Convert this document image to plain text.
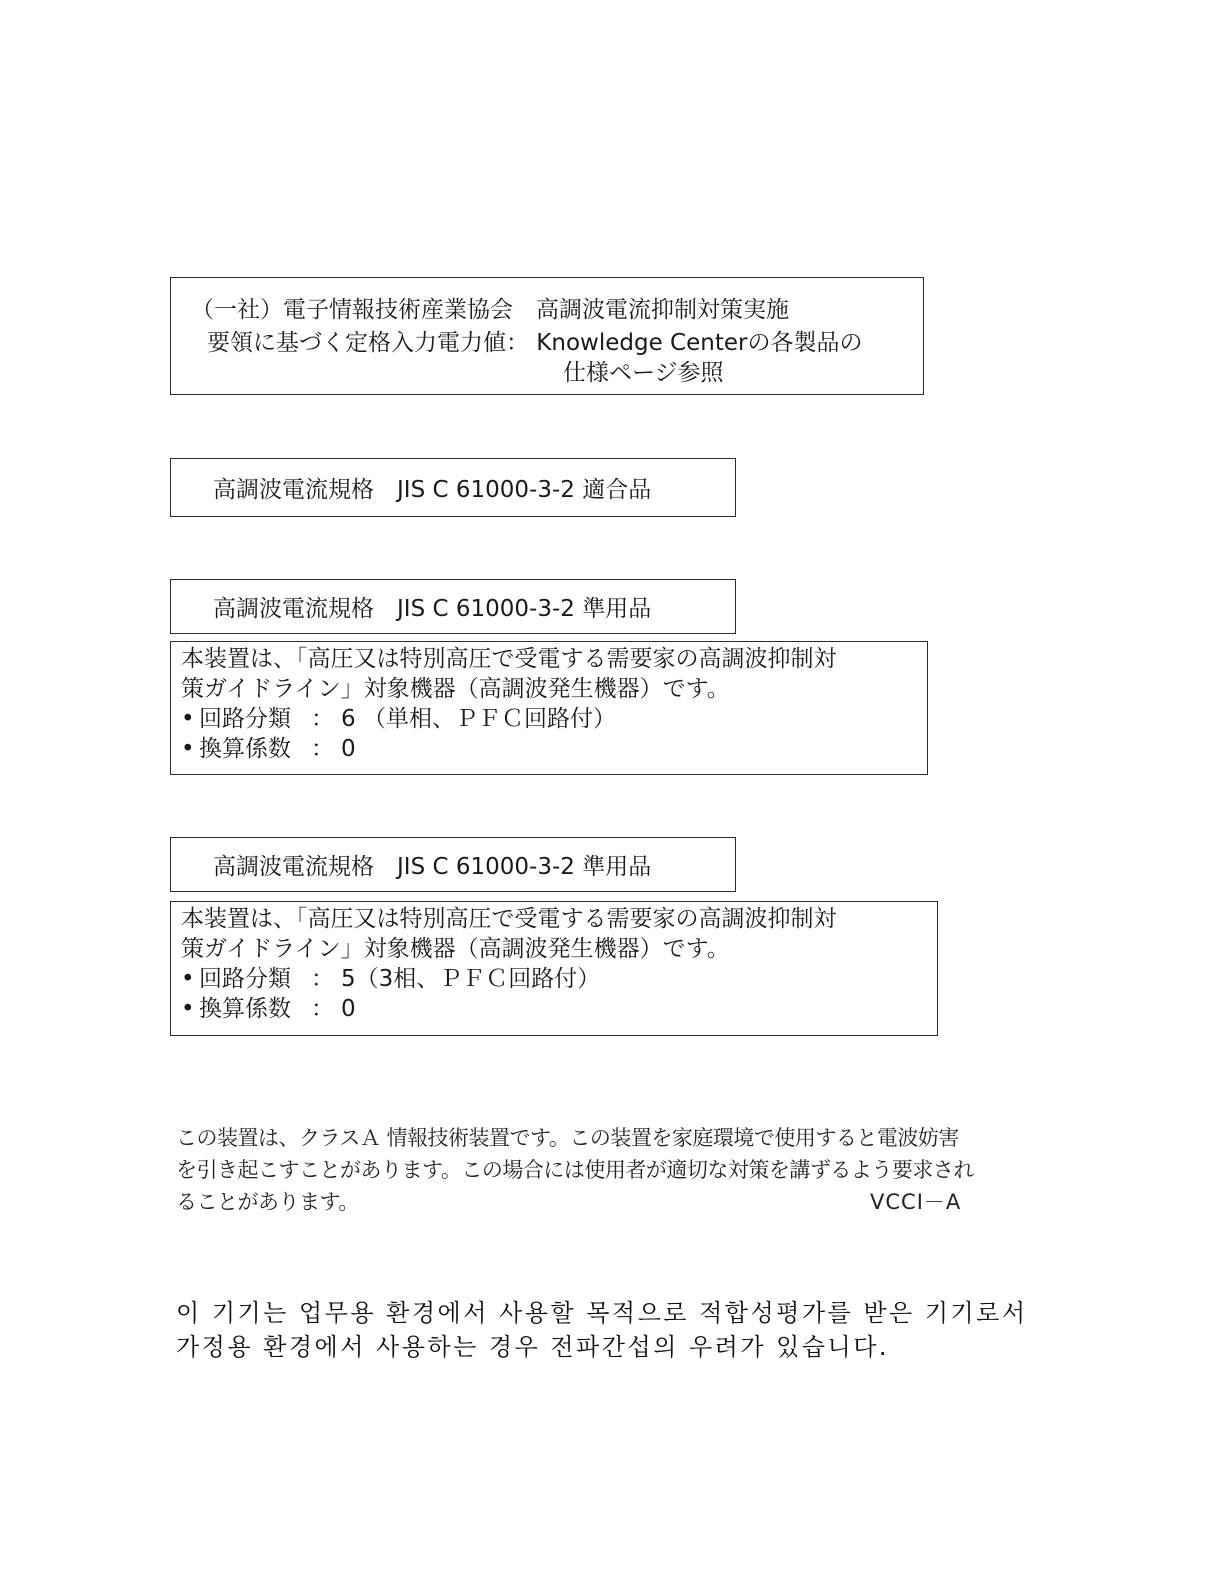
（一社）電子情報技術産業協会　高調波電流抑制対策実施
要領に基づく定格入力電力値： Knowledge Centerの各製品の
仕様ページ参照
高調波電流規格　JIS C 61000-3-2 適合品
高調波電流規格　JIS C 61000-3-2 準用品
本装置は、「高圧又は特別高圧で受電する需要家の高調波抑制対
策ガイドライン」対象機器（高調波発生機器）です。
• 回路分類 ： 6 （単相、ＰＦＣ回路付）
• 換算係数 ： 0
高調波電流規格　JIS C 61000-3-2 準用品
本装置は、「高圧又は特別高圧で受電する需要家の高調波抑制対
策ガイドライン」対象機器（高調波発生機器）です。
• 回路分類 ： 5（3相、ＰＦＣ回路付）
• 換算係数 ： 0
この装置は、クラスＡ 情報技術装置です。この装置を家庭環境で使用すると電波妨害
を引き起こすことがあります。この場合には使用者が適切な対策を講ずるよう要求され
ることがあります。	VCCI－A
이 기기는 업무용 환경에서 사용할 목적으로 적합성평가를 받은 기기로서
가정용 환경에서 사용하는 경우 전파간섭의 우려가 있습니다.
